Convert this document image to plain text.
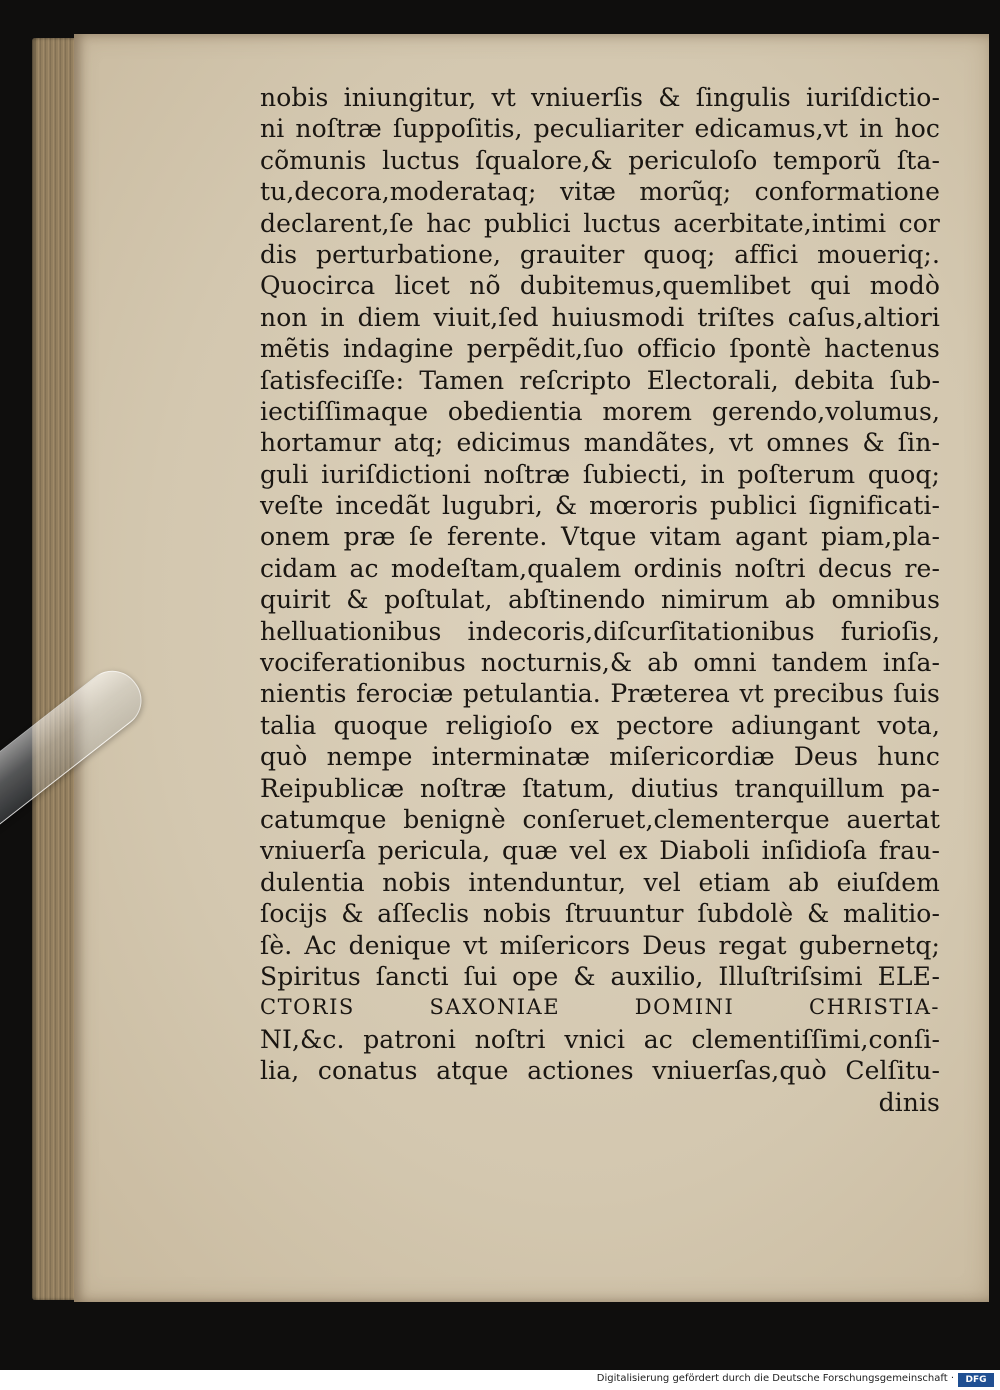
nobis iniungitur, vt vniuerſis & ſingulis iuriſdictio-

ni noſtræ ſuppoſitis, peculiariter edicamus,vt in hoc

cõmunis luctus ſqualore,& periculoſo temporũ ſta-

tu,decora,moderataq; vitæ morũq; conformatione

declarent,ſe hac publici luctus acerbitate,intimi cor

dis perturbatione, grauiter quoq; affici moueriq;.

Quocirca licet nõ dubitemus,quemlibet qui modò

non in diem viuit,ſed huiusmodi triſtes caſus,altiori

mẽtis indagine perpẽdit,ſuo officio ſpontè hactenus

ſatisfeciſſe: Tamen reſcripto Electorali, debita ſub-

iectiſſimaque obedientia morem gerendo,volumus,

hortamur atq; edicimus mandãtes, vt omnes & ſin-

guli iuriſdictioni noſtræ ſubiecti, in poſterum quoq;

veſte incedãt lugubri, & mœroris publici ſignificati-

onem præ ſe ferente. Vtque vitam agant piam,pla-

cidam ac modeſtam,qualem ordinis noſtri decus re-

quirit & poſtulat, abſtinendo nimirum ab omnibus

helluationibus indecoris,diſcurſitationibus furioſis,

vociferationibus nocturnis,& ab omni tandem inſa-

nientis ferociæ petulantia. Præterea vt precibus ſuis

talia quoque religioſo ex pectore adiungant vota,

quò nempe interminatæ miſericordiæ Deus hunc

Reipublicæ noſtræ ſtatum, diutius tranquillum pa-

catumque benignè conſeruet,clementerque auertat

vniuerſa pericula, quæ vel ex Diaboli inſidioſa frau-

dulentia nobis intenduntur, vel etiam ab eiuſdem

ſocijs & aſſeclis nobis ſtruuntur ſubdolè & malitio-

ſè. Ac denique vt miſericors Deus regat gubernetq;

Spiritus ſancti ſui ope & auxilio, Illuſtriſsimi ELE-

CTORIS SAXONIAE DOMINI CHRISTIA-

NI,&c. patroni noſtri vnici ac clementiſſimi,conſi-

lia, conatus atque actiones vniuerſas,quò Celſitu-

dinis

Digitalisierung gefördert durch die Deutsche Forschungsgemeinschaft ·	DFG
